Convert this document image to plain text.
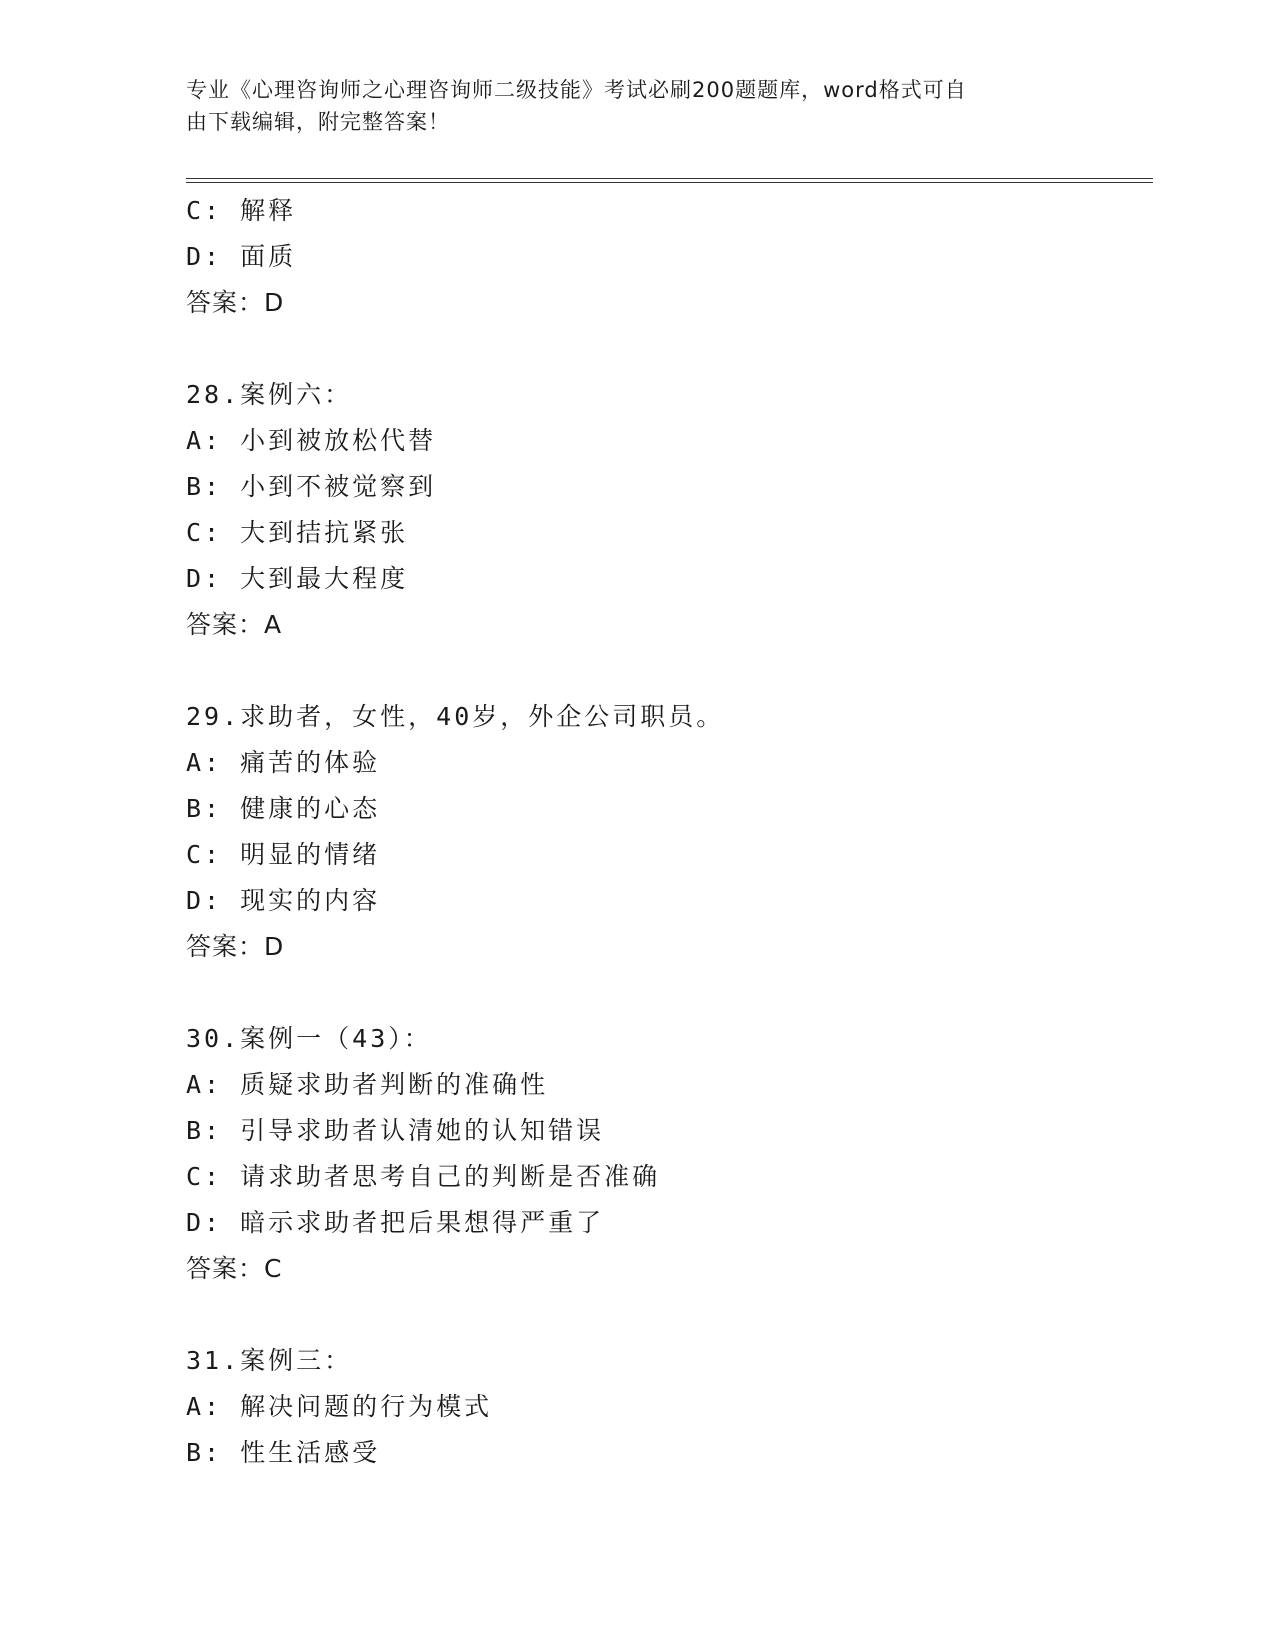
专业《心理咨询师之心理咨询师二级技能》考试必刷200题题库，word格式可自
由下载编辑，附完整答案！
C: 解释
D: 面质
答案：D
28.案例六：
A: 小到被放松代替
B: 小到不被觉察到
C: 大到拮抗紧张
D: 大到最大程度
答案：A
29.求助者，女性，40岁，外企公司职员。
A: 痛苦的体验
B: 健康的心态
C: 明显的情绪
D: 现实的内容
答案：D
30.案例一（43）：
A: 质疑求助者判断的准确性
B: 引导求助者认清她的认知错误
C: 请求助者思考自己的判断是否准确
D: 暗示求助者把后果想得严重了
答案：C
31.案例三：
A: 解决问题的行为模式
B: 性生活感受
